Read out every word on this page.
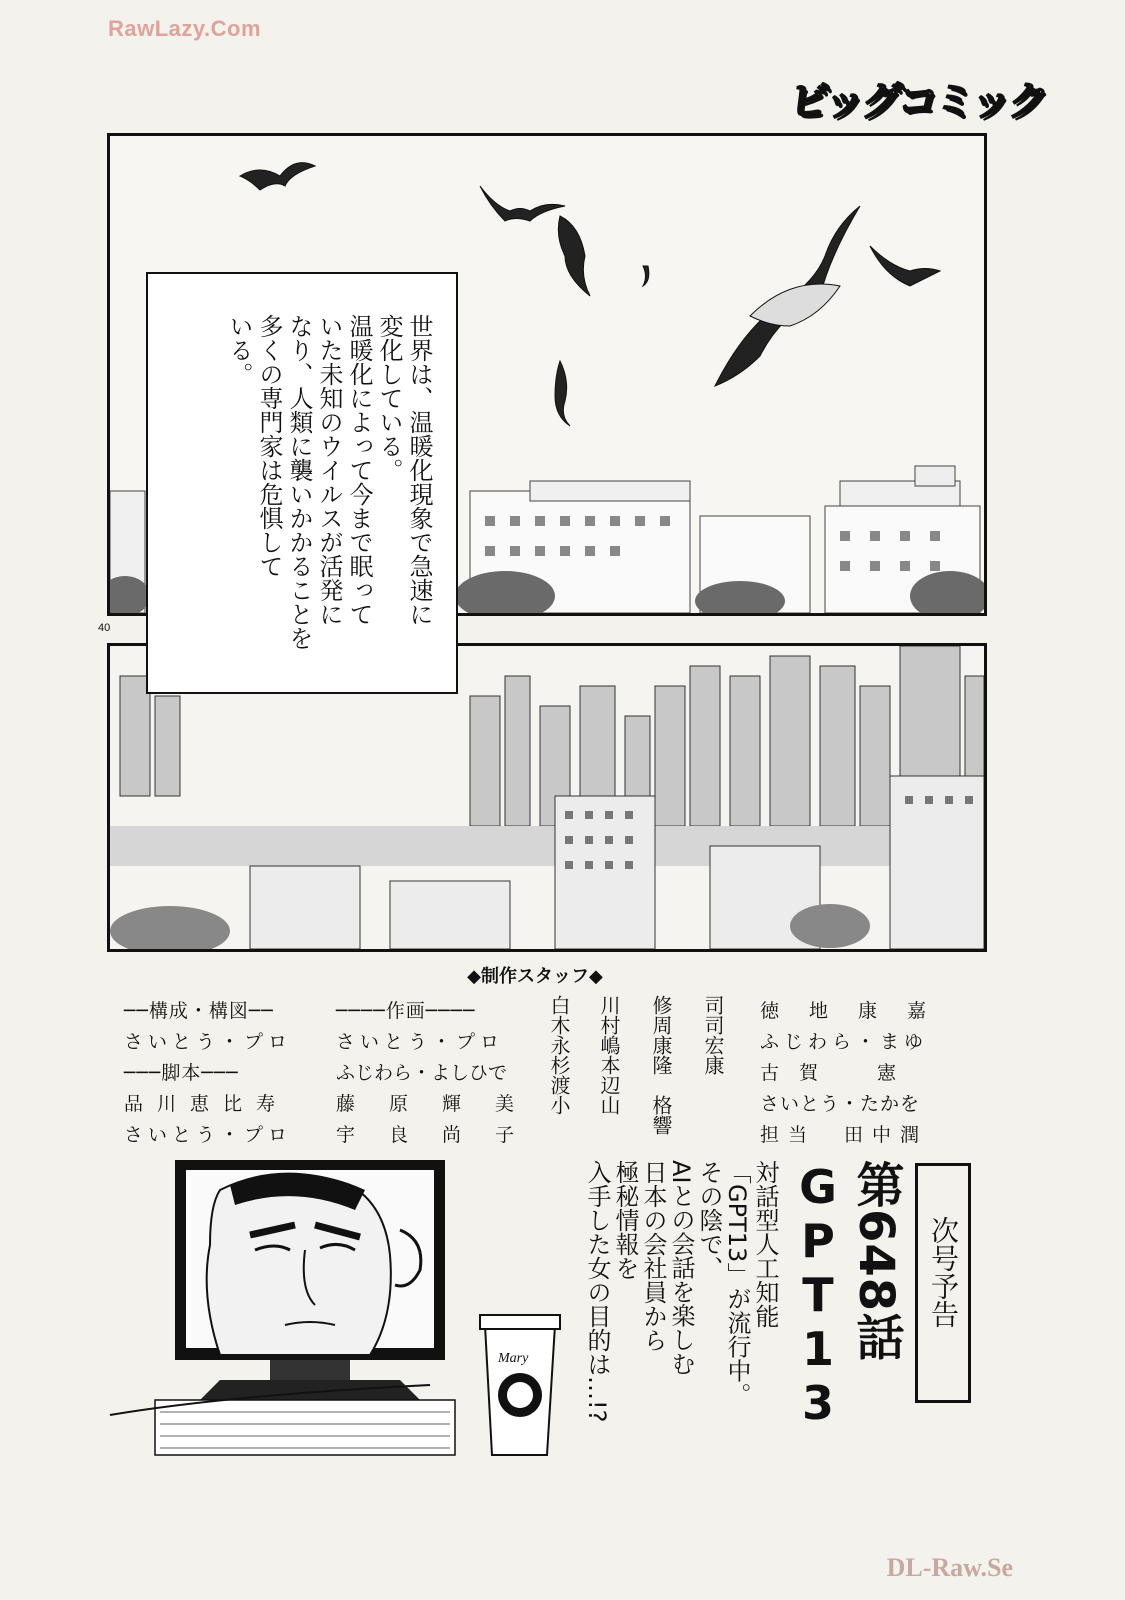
RawLazy.Com
ビッグコミック
世界は、温暖化現象で急速に
変化している。
温暖化によって今まで眠って
いた未知のウイルスが活発に
なり、人類に襲いかかることを
多くの専門家は危惧して
いる。
40
◆制作スタッフ◆
──構成・構図──
さいとう・プロ
───脚本───
品川恵比寿
さいとう・プロ
────作画────
さいとう・プロ
ふじわら・よしひで
藤原輝美
宇良尚子
白木永杉渡小 川村嶋本辺山 修周康隆　格響 司司宏康 徳地康嘉
ふじわら・まゆ
古賀　憲
さいとう・たかを
担当　田中潤
Mary
次号予告
第648話
GPT13
対話型人工知能
「GPT13」が流行中。
その陰で、
AIとの会話を楽しむ
日本の会社員から
極秘情報を
入手した女の目的は…!?
DL-Raw.Se
